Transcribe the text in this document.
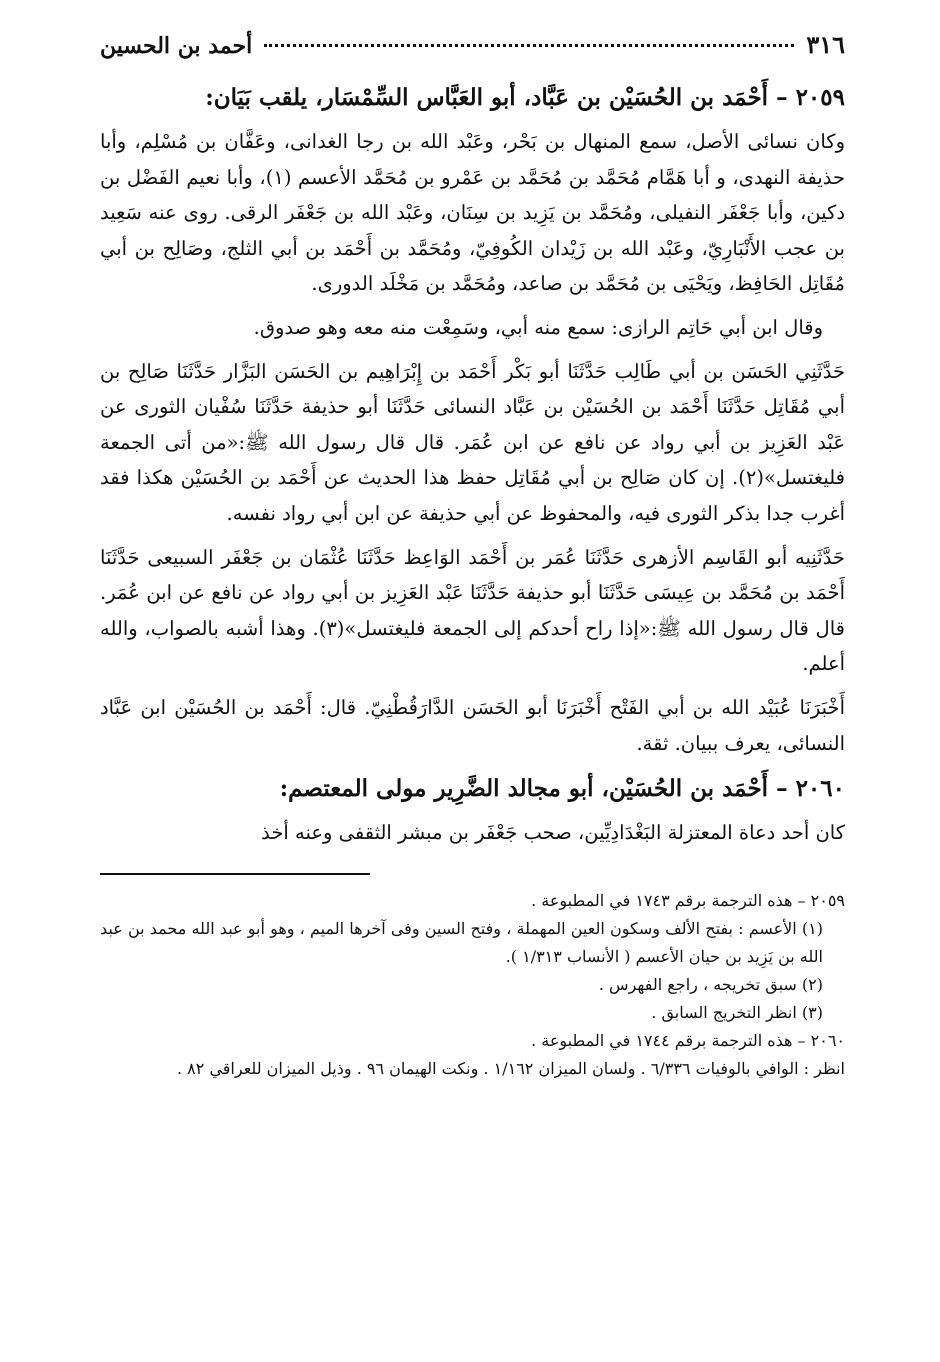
٣١٦
أحمد بن الحسين
٢٠٥٩– أَحْمَد بن الحُسَيْن بن عَبَّاد، أبو العَبَّاس السِّمْسَار، يلقب بَيَان:

وكان نسائى الأصل، سمع المنهال بن بَحْر، وعَبْد الله بن رجا الغدانى، وعَفَّان بن مُسْلِم، وأبا حذيفة النهدى، و أبا هَمَّام مُحَمَّد بن مُحَمَّد بن عَمْرو بن مُحَمَّد الأعسم (١)، وأبا نعيم الفَضْل بن دكين، وأبا جَعْفَر النفيلى، ومُحَمَّد بن يَزِيد بن سِنَان، وعَبْد الله بن جَعْفَر الرقى. روى عنه سَعِيد بن عجب الأَنْبَارِيّ، وعَبْد الله بن زَيْدان الكُوفِيّ، ومُحَمَّد بن أَحْمَد بن أبي الثلج، وصَالِح بن أبي مُقَاتِل الحَافِظ، ويَحْيَى بن مُحَمَّد بن صاعد، ومُحَمَّد بن مَخْلَد الدورى.

وقال ابن أبي حَاتِم الرازى: سمع منه أبي، وسَمِعْت منه معه وهو صدوق.

حَدَّثَنِي الحَسَن بن أبي طَالِب حَدَّثَنَا أبو بَكْر أَحْمَد بن إِبْرَاهِيم بن الحَسَن البَزَّار حَدَّثَنَا صَالِح بن أبي مُقَاتِل حَدَّثَنَا أَحْمَد بن الحُسَيْن بن عَبَّاد النسائى حَدَّثَنَا أبو حذيفة حَدَّثَنَا سُفْيان الثورى عن عَبْد العَزِيز بن أبي رواد عن نافع عن ابن عُمَر. قال قال رسول الله ﷺ:«من أتى الجمعة فليغتسل»(٢). إن كان صَالِح بن أبي مُقَاتِل حفظ هذا الحديث عن أَحْمَد بن الحُسَيْن هكذا فقد أغرب جدا بذكر الثورى فيه، والمحفوظ عن أبي حذيفة عن ابن أبي رواد نفسه.

حَدَّثَنِيه أبو القَاسِم الأزهرى حَدَّثَنَا عُمَر بن أَحْمَد الوَاعِظ حَدَّثَنَا عُثْمَان بن جَعْفَر السبيعى حَدَّثَنَا أَحْمَد بن مُحَمَّد بن عِيسَى حَدَّثَنَا أبو حذيفة حَدَّثَنَا عَبْد العَزِيز بن أبي رواد عن نافع عن ابن عُمَر. قال قال رسول الله ﷺ:«إذا راح أحدكم إلى الجمعة فليغتسل»(٣). وهذا أشبه بالصواب، والله أعلم.

أَخْبَرَنَا عُبَيْد الله بن أبي الفَتْح أَخْبَرَنَا أبو الحَسَن الدَّارَقُطْنِيّ. قال: أَحْمَد بن الحُسَيْن ابن عَبَّاد النسائى، يعرف ببيان. ثقة.

٢٠٦٠– أَحْمَد بن الحُسَيْن، أبو مجالد الضَّرِير مولى المعتصم:

كان أحد دعاة المعتزلة البَغْدَادِيِّين، صحب جَعْفَر بن مبشر الثقفى وعنه أخذ

٢٠٥٩ – هذه الترجمة برقم ١٧٤٣ في المطبوعة .

(١) الأعسم : بفتح الألف وسكون العين المهملة ، وفتح السين وفى آخرها الميم ، وهو أبو عبد الله محمد بن عبد الله بن يَزِيد بن حيان الأعسم ( الأنساب ١/٣١٣ ).

(٢) سبق تخريجه ، راجع الفهرس .

(٣) انظر التخريج السابق .

٢٠٦٠ – هذه الترجمة برقم ١٧٤٤ في المطبوعة .

انظر : الوافي بالوفيات ٦/٣٣٦ . ولسان الميزان ١/١٦٢ . ونكت الهيمان ٩٦ . وذيل الميزان للعراقي ٨٢ .
